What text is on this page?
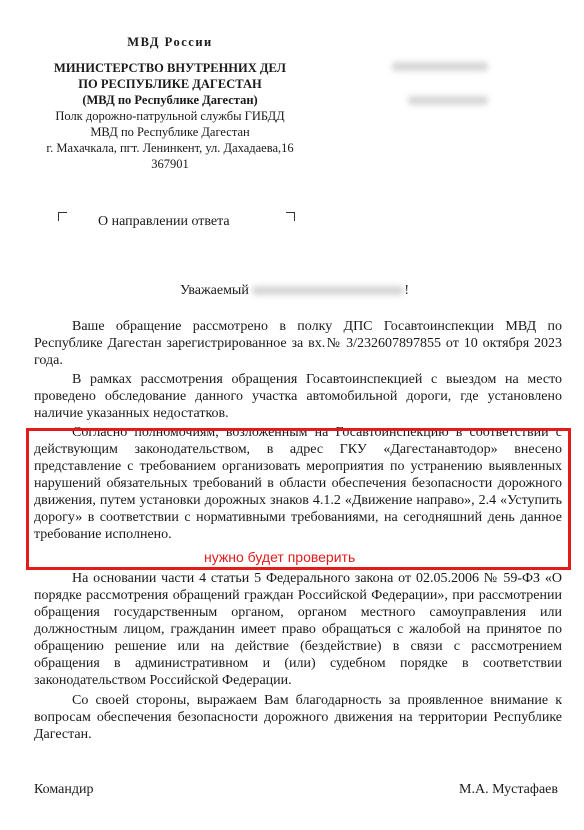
МВД России
МИНИСТЕРСТВО ВНУТРЕННИХ ДЕЛ
ПО РЕСПУБЛИКЕ ДАГЕСТАН
(МВД по Республике Дагестан)
Полк дорожно-патрульной службы ГИБДД
МВД по Республике Дагестан
г. Махачкала, пгт. Ленинкент, ул. Дахадаева,16
367901
О направлении ответа
Уважаемый	!
Ваше обращение рассмотрено в полку ДПС Госавтоинспекции МВД по Республике Дагестан зарегистрированное за вх.№ 3/232607897855 от 10 октября 2023 года.
В рамках рассмотрения обращения Госавтоинспекцией с выездом на место проведено обследование данного участка автомобильной дороги, где установлено наличие указанных недостатков.
Согласно полномочиям, возложенным на Госавтоинспекцию в соответствии с действующим законодательством, в адрес ГКУ «Дагестанавтодор» внесено представление с требованием организовать мероприятия по устранению выявленных нарушений обязательных требований в области обеспечения безопасности дорожного движения, путем установки дорожных знаков 4.1.2 «Движение направо», 2.4 «Уступить дорогу» в соответствии с нормативными требованиями, на сегодняшний день данное требование исполнено.
На основании части 4 статьи 5 Федерального закона от 02.05.2006 № 59-ФЗ «О порядке рассмотрения обращений граждан Российской Федерации», при рассмотрении обращения государственным органом, органом местного самоуправления или должностным лицом, гражданин имеет право обращаться с жалобой на принятое по обращению решение или на действие (бездействие) в связи с рассмотрением обращения в административном и (или) судебном порядке в соответствии законодательством Российской Федерации.
Со своей стороны, выражаем Вам благодарность за проявленное внимание к вопросам обеспечения безопасности дорожного движения на территории Республике Дагестан.
нужно будет проверить
Командир	М.А. Мустафаев
